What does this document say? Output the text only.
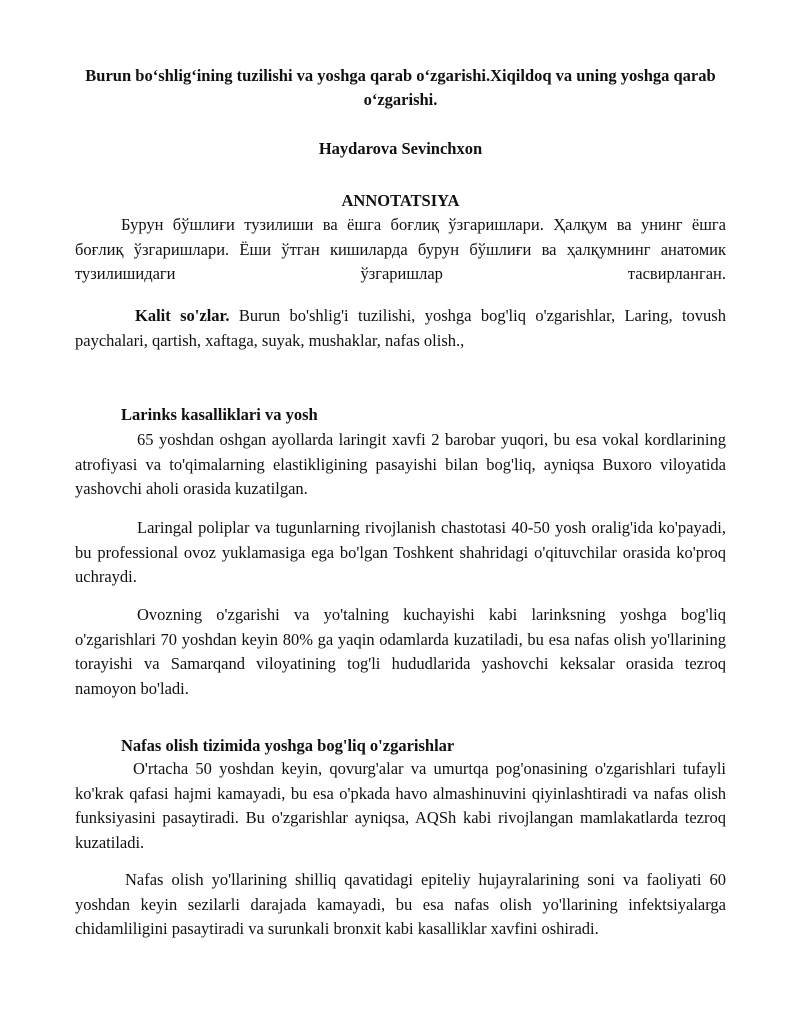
Burun bo‘shlig‘ining tuzilishi va yoshga qarab o‘zgarishi.Xiqildoq va uning yoshga qarab o‘zgarishi.
Haydarova Sevinchxon
ANNOTATSIYA

Бурун бўшлиғи тузилиши ва ёшга боғлиқ ўзгаришлари. Ҳалқум ва унинг ёшга боғлиқ ўзгаришлари. Ёши ўтган кишиларда бурун бўшлиғи ва ҳалқумнинг анатомик тузилишидаги ўзгаришлар тасвирланган.

Kalit so'zlar. Burun bo'shlig'i tuzilishi, yoshga bog'liq o'zgarishlar, Laring, tovush paychalari, qartish, xaftaga, suyak, mushaklar, nafas olish.,

Larinks kasalliklari va yosh

65 yoshdan oshgan ayollarda laringit xavfi 2 barobar yuqori, bu esa vokal kordlarining atrofiyasi va to'qimalarning elastikligining pasayishi bilan bog'liq, ayniqsa Buxoro viloyatida yashovchi aholi orasida kuzatilgan.

Laringal poliplar va tugunlarning rivojlanish chastotasi 40-50 yosh oralig'ida ko'payadi, bu professional ovoz yuklamasiga ega bo'lgan Toshkent shahridagi o'qituvchilar orasida ko'proq uchraydi.

Ovozning o'zgarishi va yo'talning kuchayishi kabi larinksning yoshga bog'liq o'zgarishlari 70 yoshdan keyin 80% ga yaqin odamlarda kuzatiladi, bu esa nafas olish yo'llarining torayishi va Samarqand viloyatining tog'li hududlarida yashovchi keksalar orasida tezroq namoyon bo'ladi.

Nafas olish tizimida yoshga bog'liq o'zgarishlar

O'rtacha 50 yoshdan keyin, qovurg'alar va umurtqa pog'onasining o'zgarishlari tufayli ko'krak qafasi hajmi kamayadi, bu esa o'pkada havo almashinuvini qiyinlashtiradi va nafas olish funksiyasini pasaytiradi. Bu o'zgarishlar ayniqsa, AQSh kabi rivojlangan mamlakatlarda tezroq kuzatiladi.

Nafas olish yo'llarining shilliq qavatidagi epiteliy hujayralarining soni va faoliyati 60 yoshdan keyin sezilarli darajada kamayadi, bu esa nafas olish yo'llarining infektsiyalarga chidamliligini pasaytiradi va surunkali bronxit kabi kasalliklar xavfini oshiradi.
